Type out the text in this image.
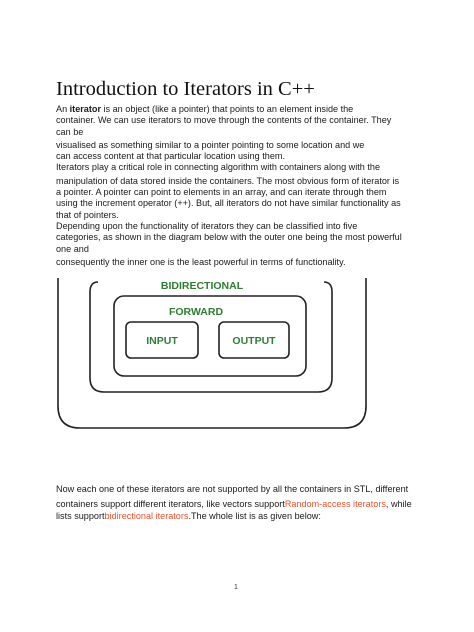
Introduction to Iterators in C++
An iterator is an object (like a pointer) that points to an element inside the
container. We can use iterators to move through the contents of the container. They
can be
visualised as something similar to a pointer pointing to some location and we
can access content at that particular location using them.
Iterators play a critical role in connecting algorithm with containers along with the
manipulation of data stored inside the containers. The most obvious form of iterator is
a pointer. A pointer can point to elements in an array, and can iterate through them
using the increment operator (++). But, all iterators do not have similar functionality as
that of pointers.
Depending upon the functionality of iterators they can be classified into five
categories, as shown in the diagram below with the outer one being the most powerful
one and
consequently the inner one is the least powerful in terms of functionality.
BIDIRECTIONAL
FORWARD
INPUT	OUTPUT
Now each one of these iterators are not supported by all the containers in STL, different
containers support different iterators, like vectors supportRandom-access iterators, while
lists supportbidirectional iterators.The whole list is as given below:
1
